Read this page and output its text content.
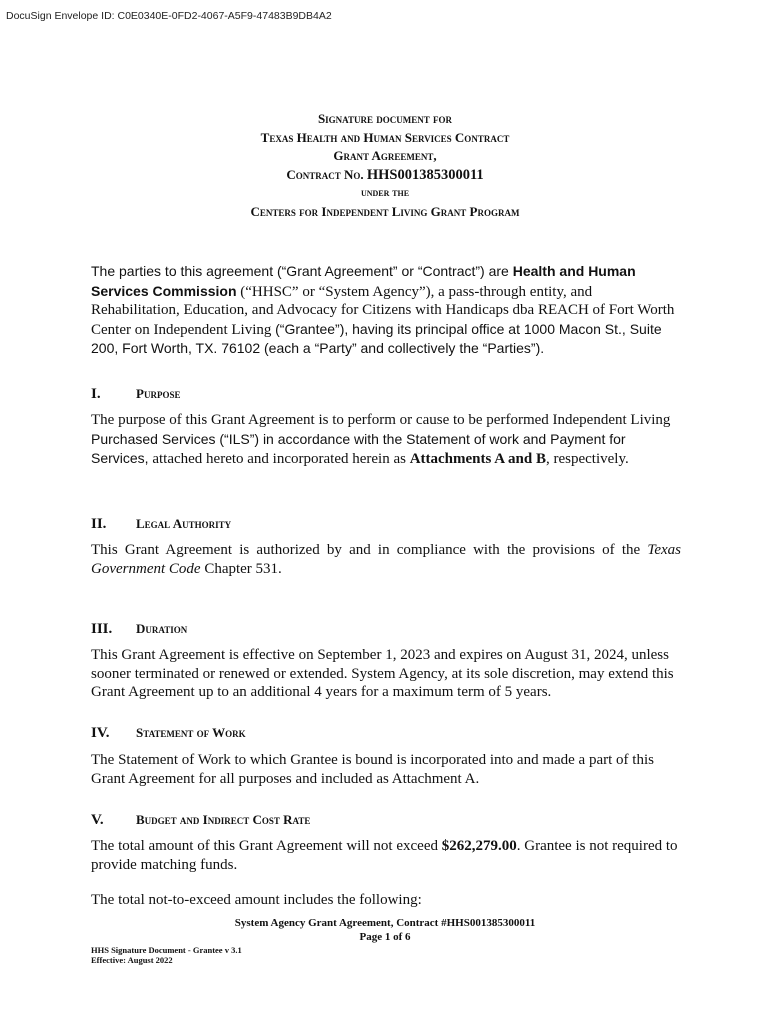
DocuSign Envelope ID: C0E0340E-0FD2-4067-A5F9-47483B9DB4A2
Signature document for
Texas Health and Human Services Contract
Grant Agreement,
Contract No. HHS001385300011
under the
Centers for Independent Living Grant Program

The parties to this agreement (“Grant Agreement” or “Contract”) are Health and Human Services Commission (“HHSC” or “System Agency”), a pass-through entity, and Rehabilitation, Education, and Advocacy for Citizens with Handicaps dba REACH of Fort Worth Center on Independent Living (“Grantee”), having its principal office at 1000 Macon St., Suite 200, Fort Worth, TX. 76102 (each a “Party” and collectively the “Parties”).

I.	Purpose

The purpose of this Grant Agreement is to perform or cause to be performed Independent Living Purchased Services (“ILS”) in accordance with the Statement of work and Payment for Services, attached hereto and incorporated herein as Attachments A and B, respectively.

II. Legal Authority

This Grant Agreement is authorized by and in compliance with the provisions of the Texas Government Code Chapter 531.

III. Duration

This Grant Agreement is effective on September 1, 2023 and expires on August 31, 2024, unless sooner terminated or renewed or extended. System Agency, at its sole discretion, may extend this Grant Agreement up to an additional 4 years for a maximum term of 5 years.

IV. Statement of Work

The Statement of Work to which Grantee is bound is incorporated into and made a part of this Grant Agreement for all purposes and included as Attachment A.

V. Budget and Indirect Cost Rate

The total amount of this Grant Agreement will not exceed $262,279.00. Grantee is not required to provide matching funds.

The total not-to-exceed amount includes the following:

System Agency Grant Agreement, Contract #HHS001385300011
Page 1 of 6
HHS Signature Document - Grantee v 3.1
Effective: August 2022
